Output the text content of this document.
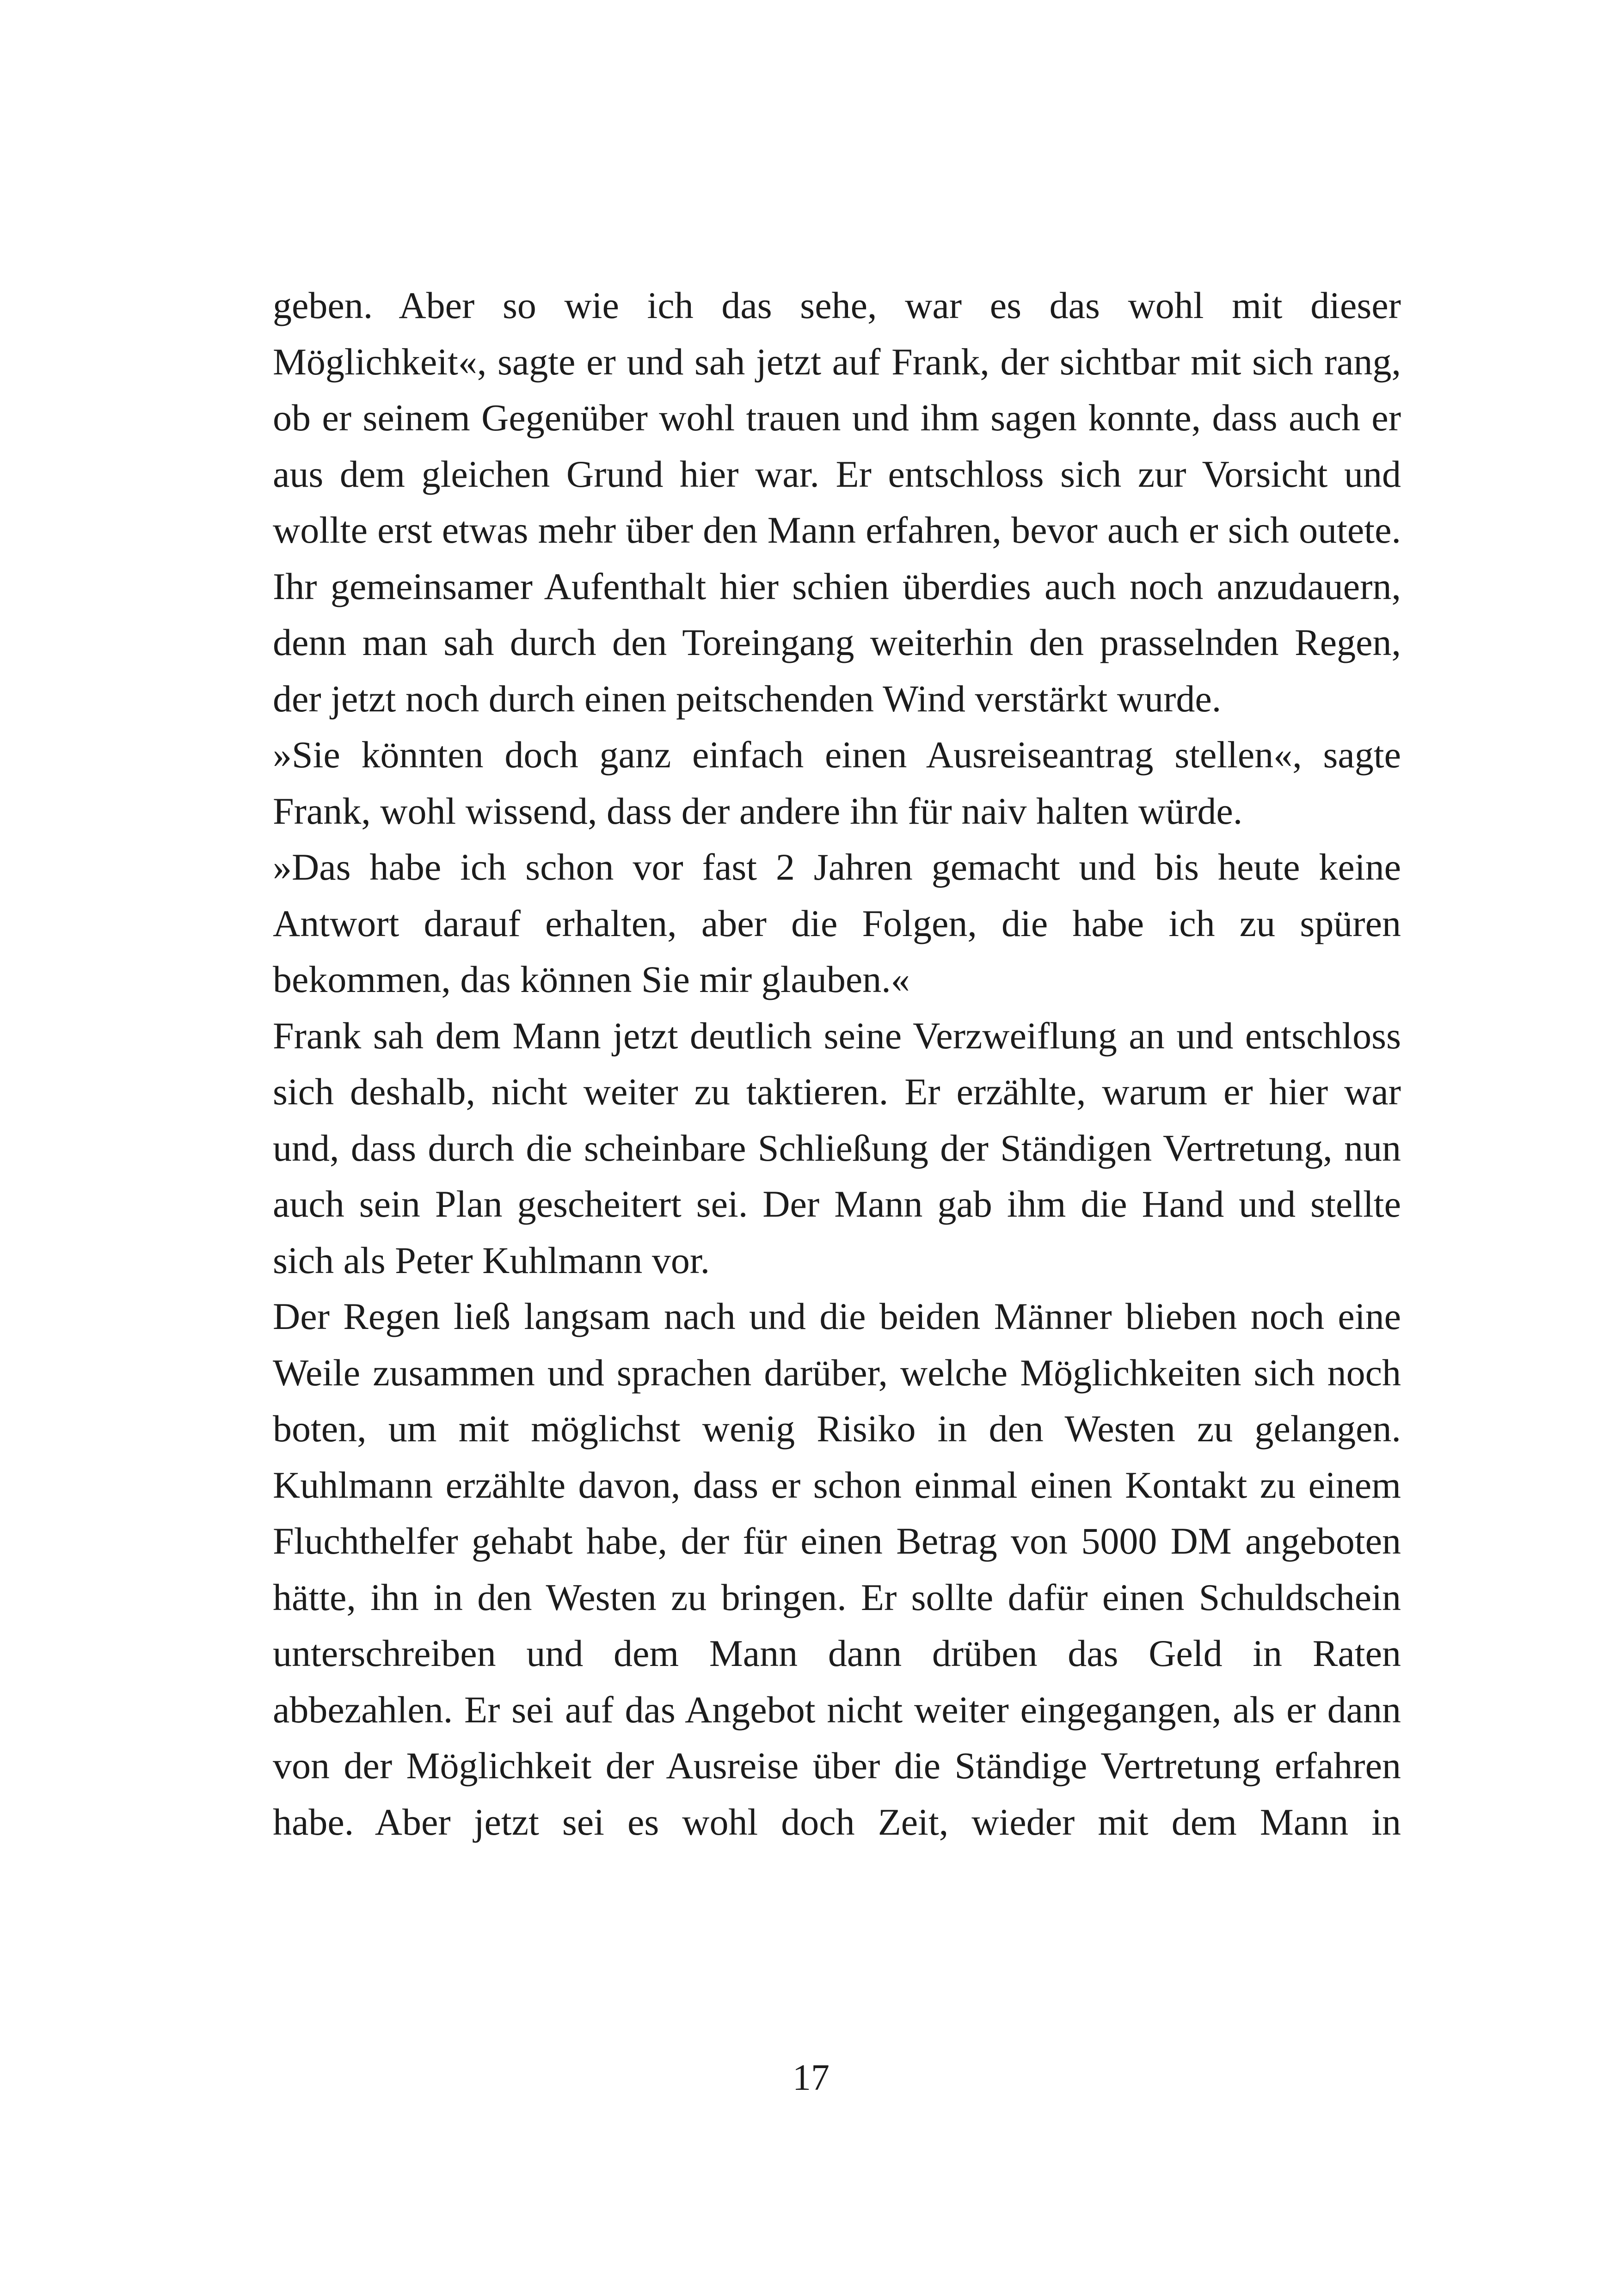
geben. Aber so wie ich das sehe, war es das wohl mit dieser Möglichkeit«, sagte er und sah jetzt auf Frank, der sichtbar mit sich rang, ob er seinem Gegenüber wohl trauen und ihm sagen konnte, dass auch er aus dem gleichen Grund hier war. Er entschloss sich zur Vorsicht und wollte erst etwas mehr über den Mann erfahren, bevor auch er sich outete. Ihr gemeinsamer Aufenthalt hier schien überdies auch noch anzudauern, denn man sah durch den Toreingang weiterhin den prasselnden Regen, der jetzt noch durch einen peitschenden Wind verstärkt wurde.

»Sie könnten doch ganz einfach einen Ausreiseantrag stellen«, sagte Frank, wohl wissend, dass der andere ihn für naiv halten würde.

»Das habe ich schon vor fast 2 Jahren gemacht und bis heute keine Antwort darauf erhalten, aber die Folgen, die habe ich zu spüren bekommen, das können Sie mir glauben.«

Frank sah dem Mann jetzt deutlich seine Verzweiflung an und entschloss sich deshalb, nicht weiter zu taktieren. Er erzählte, warum er hier war und, dass durch die scheinbare Schließung der Ständigen Vertretung, nun auch sein Plan gescheitert sei. Der Mann gab ihm die Hand und stellte sich als Peter Kuhlmann vor.

Der Regen ließ langsam nach und die beiden Männer blieben noch eine Weile zusammen und sprachen darüber, welche Möglichkeiten sich noch boten, um mit möglichst wenig Risiko in den Westen zu gelangen. Kuhlmann erzählte davon, dass er schon einmal einen Kontakt zu einem Fluchthelfer gehabt habe, der für einen Betrag von 5000 DM angeboten hätte, ihn in den Westen zu bringen. Er sollte dafür einen Schuldschein unterschreiben und dem Mann dann drüben das Geld in Raten abbezahlen. Er sei auf das Angebot nicht weiter eingegangen, als er dann von der Möglichkeit der Ausreise über die Ständige Vertretung erfahren habe. Aber jetzt sei es wohl doch Zeit, wieder mit dem Mann in

17
